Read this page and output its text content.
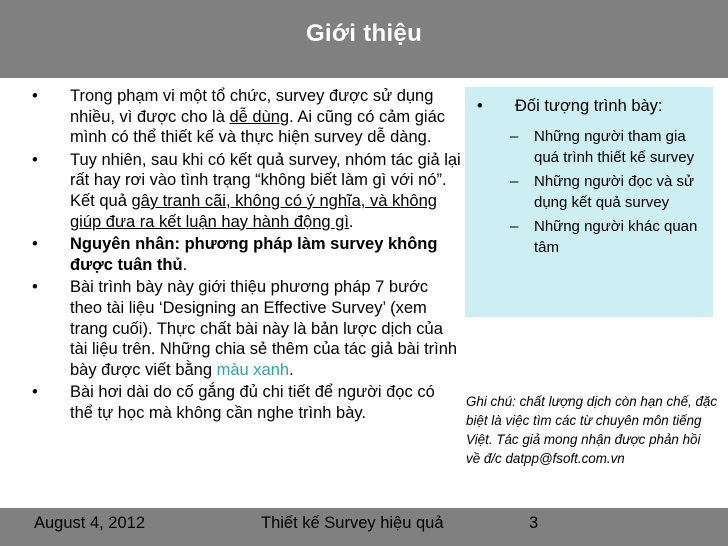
Giới thiệu
• Trong phạm vi một tổ chức, survey được sử dụng nhiều, vì được cho là dễ dùng. Ai cũng có cảm giác mình có thể thiết kế và thực hiện survey dễ dàng.
• Tuy nhiên, sau khi có kết quả survey, nhóm tác giả lại rất hay rơi vào tình trạng “không biết làm gì với nó”. Kết quả gây tranh cãi, không có ý nghĩa, và không giúp đưa ra kết luận hay hành động gì.
• Nguyên nhân: phương pháp làm survey không được tuân thủ.
• Bài trình bày này giới thiệu phương pháp 7 bước theo tài liệu ‘Designing an Effective Survey’ (xem trang cuối). Thực chất bài này là bản lược dịch của tài liệu trên. Những chia sẻ thêm của tác giả bài trình bày được viết bằng màu xanh.
• Bài hơi dài do cố gắng đủ chi tiết để người đọc có thể tự học mà không cần nghe trình bày.
• Đối tượng trình bày:
– Những người tham gia quá trình thiết kế survey
– Những người đọc và sử dụng kết quả survey
– Những người khác quan tâm
Ghi chú: chất lượng dịch còn hạn chế, đặc biệt là việc tìm các từ chuyên môn tiếng Việt. Tác giả mong nhận được phản hồi về đ/c datpp@fsoft.com.vn
August 4, 2012	Thiết kế Survey hiệu quả	3
